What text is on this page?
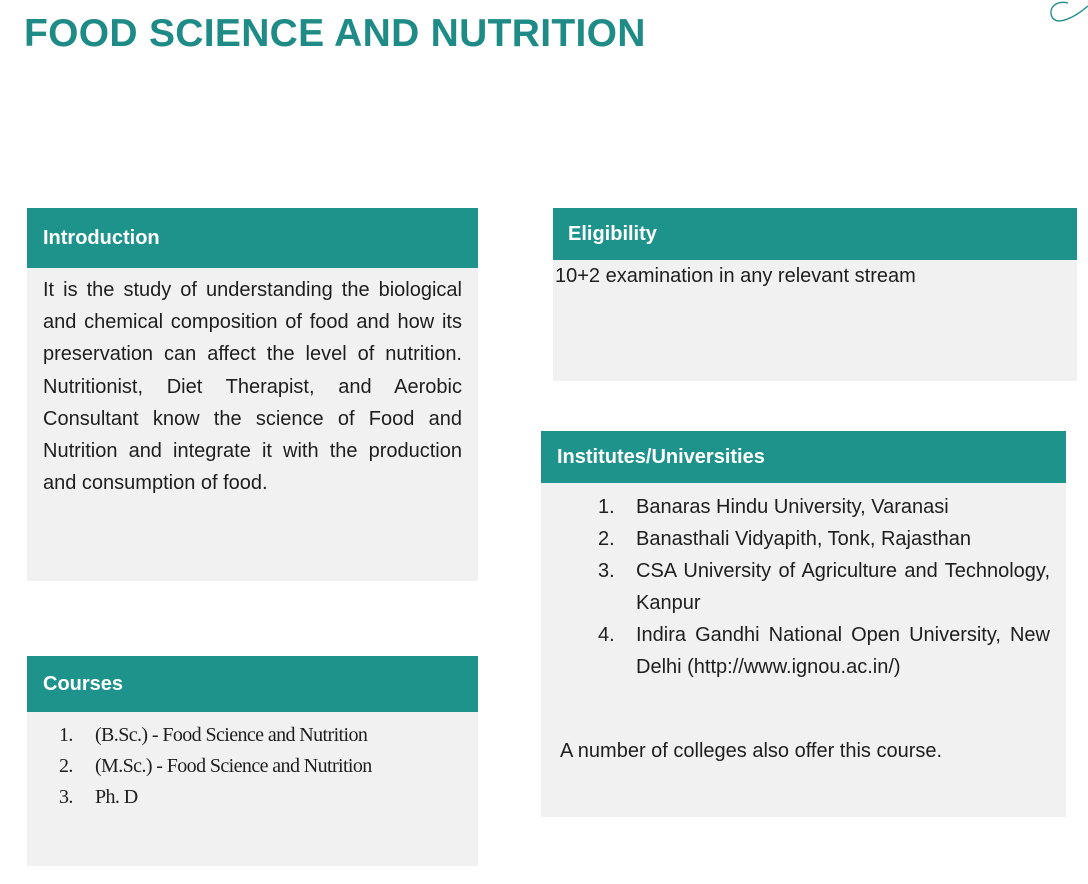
FOOD SCIENCE AND NUTRITION
Introduction

It is the study of understanding the biological and chemical composition of food and how its preservation can affect the level of nutrition. Nutritionist, Diet Therapist, and Aerobic Consultant know the science of Food and Nutrition and integrate it with the production and consumption of food.

Eligibility

10+2 examination in any relevant stream

Institutes/Universities
1.	Banaras Hindu University, Varanasi
2.	Banasthali Vidyapith, Tonk, Rajasthan
3.	CSA University of Agriculture and Technology, Kanpur
4.	Indira Gandhi National Open University, New Delhi (http://www.ignou.ac.in/)

A number of colleges also offer this course.

Courses
1.	(B.Sc.) - Food Science and Nutrition
2.	(M.Sc.) - Food Science and Nutrition
3.	Ph. D
